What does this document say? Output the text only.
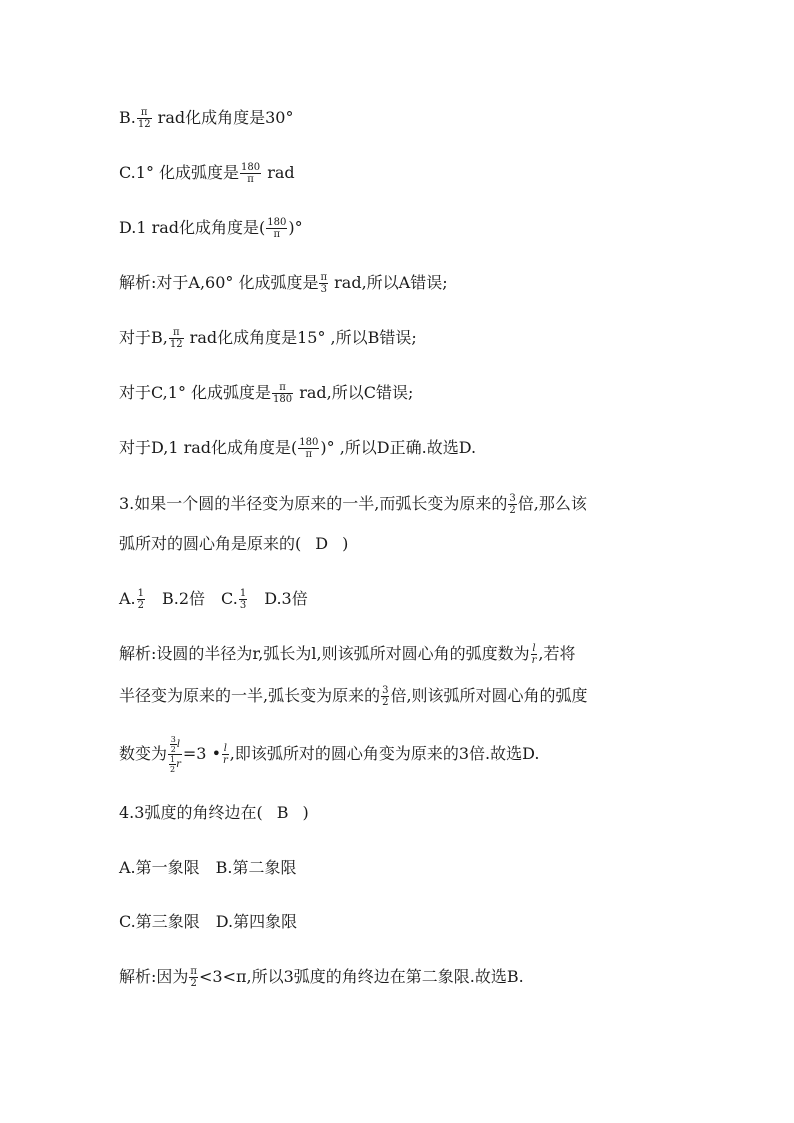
B. $\frac{\pi}{12}$ rad化成角度是30°
C.1° 化成弧度是 $\frac{180}{\pi}$ rad
D.1 rad化成角度是( $\frac{180}{\pi}$ )°
解析:对于A,60° 化成弧度是 $\frac{\pi}{3}$ rad,所以A错误;
对于B, $\frac{\pi}{12}$ rad化成角度是15° ,所以B错误;
对于C,1° 化成弧度是 $\frac{\pi}{180}$ rad,所以C错误;
对于D,1 rad化成角度是( $\frac{180}{\pi}$ )° ,所以D正确.故选D.
3.如果一个圆的半径变为原来的一半,而弧长变为原来的 $\frac{3}{2}$ 倍,那么该
弧所对的圆心角是原来的( D )
A. $\frac{1}{2} B.2$倍 C. $\frac{1}{3} D.3$倍
解析:设圆的半径为r,弧长为l,则该弧所对圆心角的弧度数为 $\frac{l}{r}$ ,若将
半径变为原来的一半,弧长变为原来的 $\frac{3}{2}$ 倍,则该弧所对圆心角的弧度
数变为 $\frac{\frac{3}{2} l}{\frac{1}{2} r} =3$ • $\frac{l}{r}$ ,即该弧所对的圆心角变为原来的3倍.故选D.
4.3弧度的角终边在( B )
A.第一象限 B.第二象限
C.第三象限 D.第四象限
解析:因为 $\frac{\pi}{2} <3<\pi$,所以3弧度的角终边在第二象限.故选B.
